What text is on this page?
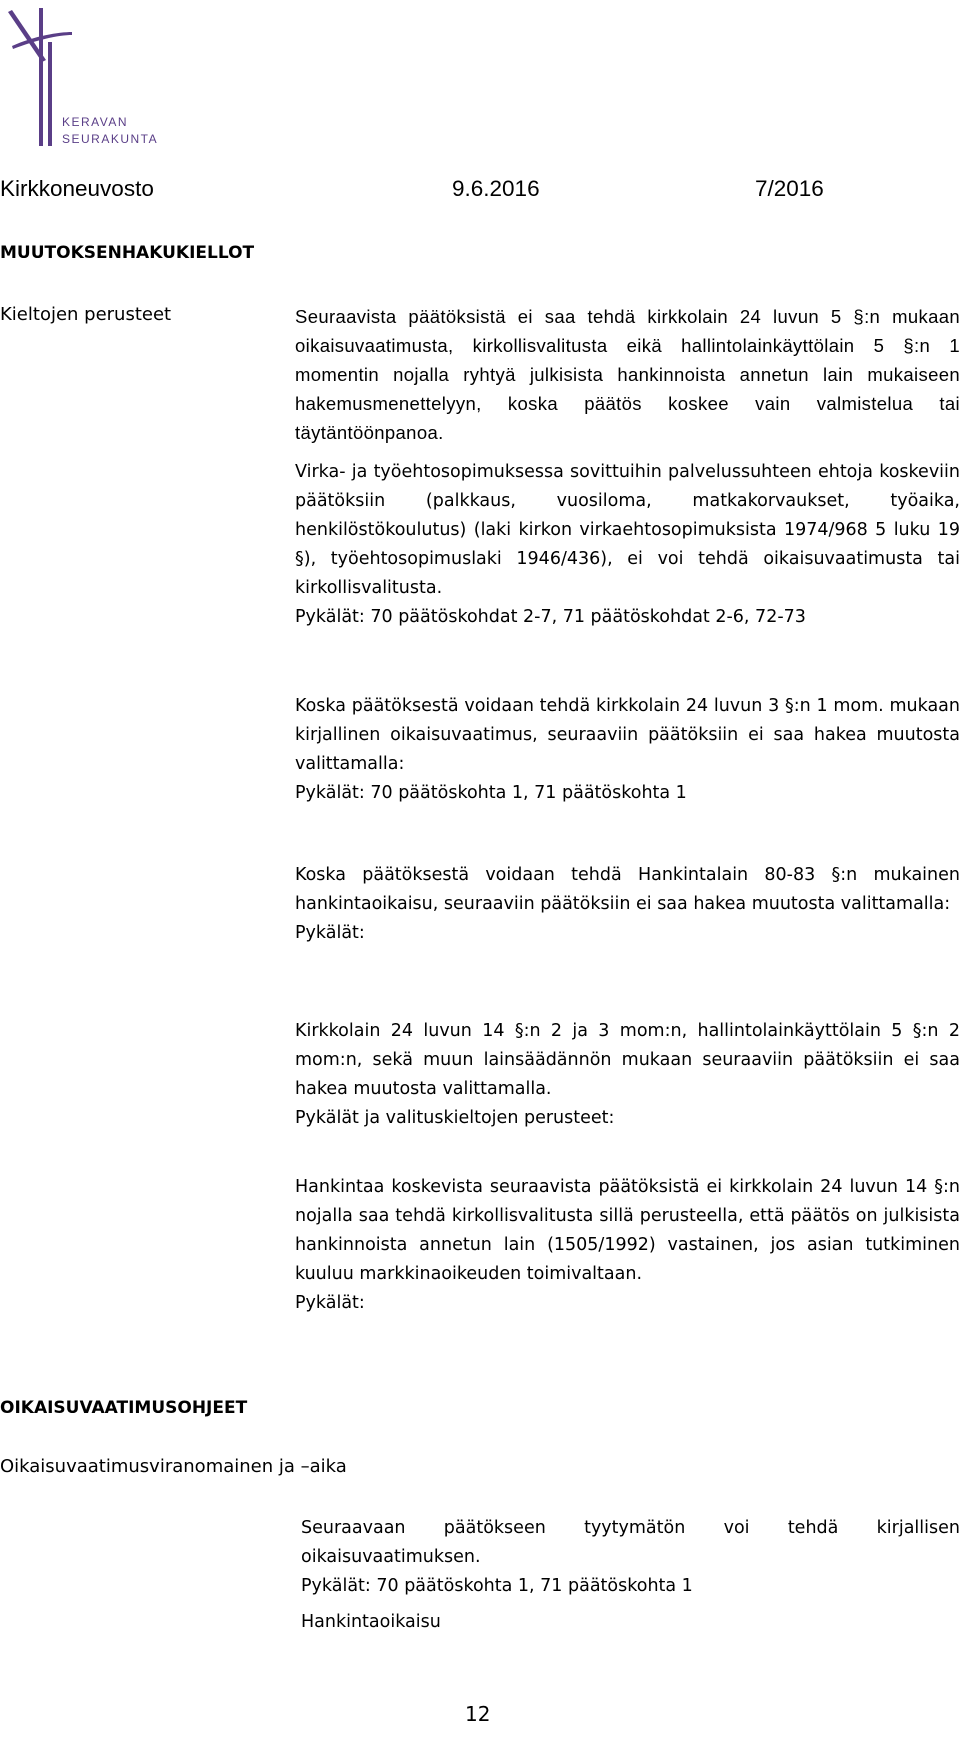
KERAVAN
SEURAKUNTA
Kirkkoneuvosto	9.6.2016	7/2016
MUUTOKSENHAKUKIELLOT
Kieltojen perusteet	Seuraavista päätöksistä ei saa tehdä kirkkolain 24 luvun 5 §:n mukaan oikaisuvaatimusta, kirkollisvalitusta eikä hallintolainkäyttölain 5 §:n 1 momentin nojalla ryhtyä julkisista hankinnoista annetun lain mukaiseen hakemusmenettelyyn, koska päätös koskee vain valmistelua tai täytäntöönpanoa.
Virka- ja työehtosopimuksessa sovittuihin palvelussuhteen ehtoja koskeviin päätöksiin (palkkaus, vuosiloma, matkakorvaukset, työaika, henkilöstökoulutus) (laki kirkon virkaehtosopimuksista 1974/968 5 luku 19 §), työehtosopimuslaki 1946/436), ei voi tehdä oikaisuvaatimusta tai kirkollisvalitusta.
Pykälät: 70 päätöskohdat 2-7, 71 päätöskohdat 2-6, 72-73
Koska päätöksestä voidaan tehdä kirkkolain 24 luvun 3 §:n 1 mom. mukaan kirjallinen oikaisuvaatimus, seuraaviin päätöksiin ei saa hakea muutosta valittamalla:
Pykälät: 70 päätöskohta 1, 71 päätöskohta 1
Koska päätöksestä voidaan tehdä Hankintalain 80-83 §:n mukainen hankintaoikaisu, seuraaviin päätöksiin ei saa hakea muutosta valittamalla:
Pykälät:
Kirkkolain 24 luvun 14 §:n 2 ja 3 mom:n, hallintolainkäyttölain 5 §:n 2 mom:n, sekä muun lainsäädännön mukaan seuraaviin päätöksiin ei saa hakea muutosta valittamalla.
Pykälät ja valituskieltojen perusteet:
Hankintaa koskevista seuraavista päätöksistä ei kirkkolain 24 luvun 14 §:n nojalla saa tehdä kirkollisvalitusta sillä perusteella, että päätös on julkisista hankinnoista annetun lain (1505/1992) vastainen, jos asian tutkiminen kuuluu markkinaoikeuden toimivaltaan.
Pykälät:
OIKAISUVAATIMUSOHJEET
Oikaisuvaatimusviranomainen ja –aika
Seuraavaan päätökseen tyytymätön voi tehdä kirjallisen oikaisuvaatimuksen.
Pykälät: 70 päätöskohta 1, 71 päätöskohta 1
Hankintaoikaisu
12
